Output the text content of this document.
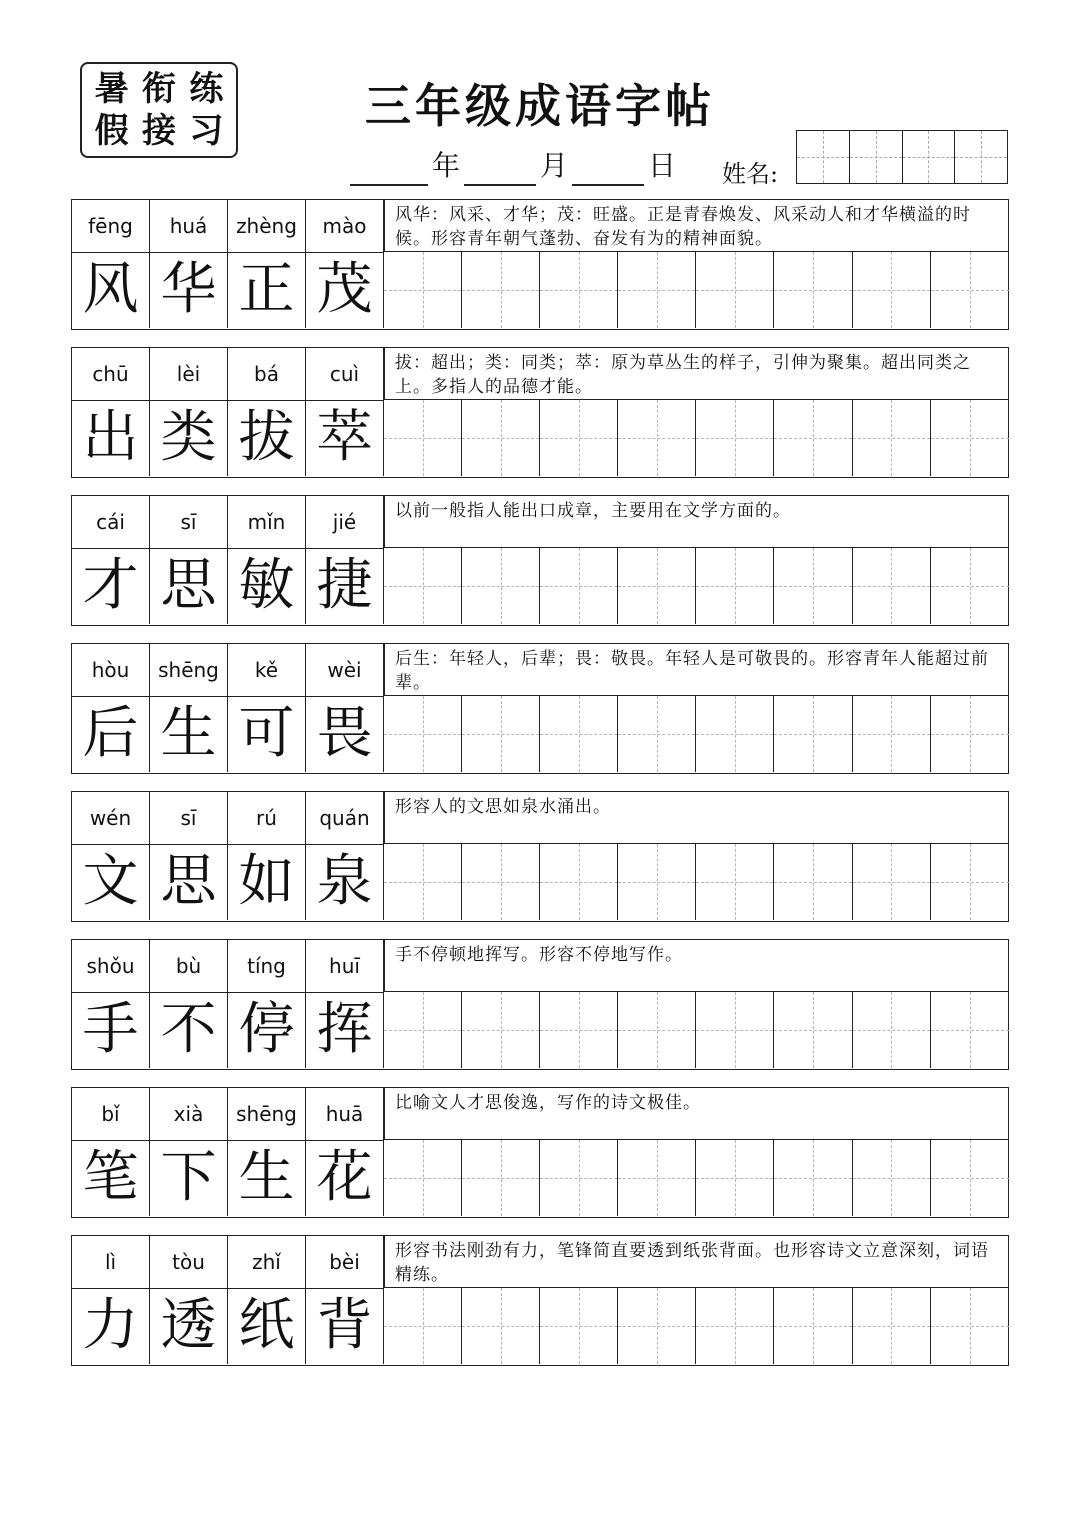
暑 衔 练
假 接 习	三年级成语字帖
年	月	日 姓名:
fēng	huá	zhèng	mào	风华：风采、才华；茂：旺盛。正是青春焕发、风采动人和才华横溢的时候。形容青年朝气蓬勃、奋发有为的精神面貌。
风 华 正 茂
chū	lèi	bá	cuì	拔：超出；类：同类；萃：原为草丛生的样子，引伸为聚集。超出同类之上。多指人的品德才能。
出 类 拔 萃
cái	sī	mǐn	jié	以前一般指人能出口成章，主要用在文学方面的。
才 思 敏 捷
hòu	shēng	kě	wèi	后生：年轻人，后辈；畏：敬畏。年轻人是可敬畏的。形容青年人能超过前辈。
后 生 可 畏
wén	sī	rú	quán	形容人的文思如泉水涌出。
文 思 如 泉
shǒu	bù	tíng	huī	手不停顿地挥写。形容不停地写作。
手 不 停 挥
bǐ	xià	shēng	huā	比喻文人才思俊逸，写作的诗文极佳。
笔 下 生 花
lì	tòu	zhǐ	bèi	形容书法刚劲有力，笔锋简直要透到纸张背面。也形容诗文立意深刻，词语精练。
力 透 纸 背
